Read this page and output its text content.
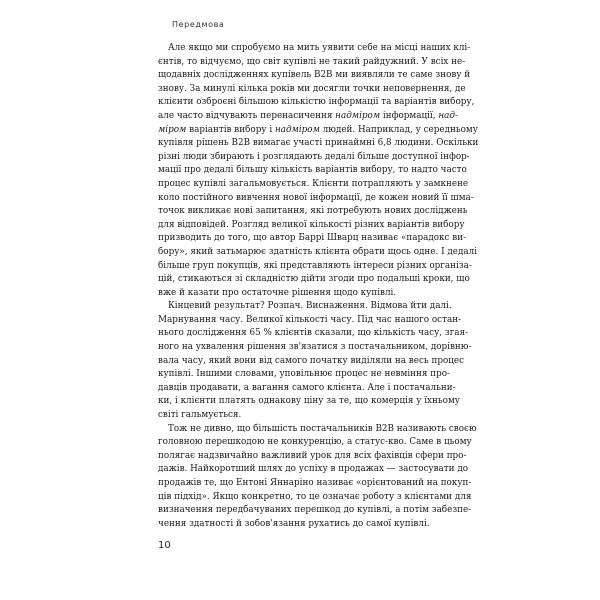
Передмова
Але якщо ми спробуємо на мить уявити себе на місці наших клі-
єнтів, то відчуємо, що світ купівлі не такий райдужний. У всіх не-
щодавніх дослідженнях купівель B2B ми виявляли те саме знову й
знову. За минулі кілька років ми досягли точки неповернення, де
клієнти озброєні більшою кількістю інформації та варіантів вибору,
але часто відчувають перенасичення надміром інформації, над-
міром варіантів вибору і надміром людей. Наприклад, у середньому
купівля рішень B2B вимагає участі принаймні 6,8 людини. Оскільки
різні люди збирають і розглядають дедалі більше доступної інфор-
мації про дедалі більшу кількість варіантів вибору, то надто часто
процес купівлі загальмовується. Клієнти потрапляють у замкнене
коло постійного вивчення нової інформації, де кожен новий її шма-
точок викликає нові запитання, які потребують нових досліджень
для відповідей. Розгляд великої кількості різних варіантів вибору
призводить до того, що автор Баррі Шварц називає «парадокс ви-
бору», який затьмарює здатність клієнта обрати щось одне. І дедалі
більше груп покупців, які представляють інтереси різних організа-
цій, стикаються зі складністю дійти згоди про подальші кроки, що
вже й казати про остаточне рішення щодо купівлі.
Кінцевий результат? Розпач. Виснаження. Відмова йти далі.
Марнування часу. Великої кількості часу. Під час нашого остан-
нього дослідження 65 % клієнтів сказали, що кількість часу, згая-
ного на ухвалення рішення зв'язатися з постачальником, дорівню-
вала часу, який вони від самого початку виділяли на весь процес
купівлі. Іншими словами, уповільнює процес не невміння про-
давців продавати, а вагання самого клієнта. Але і постачальни-
ки, і клієнти платять однакову ціну за те, що комерція у їхньому
світі гальмується.
Тож не дивно, що більшість постачальників B2B називають своєю
головною перешкодою не конкуренцію, а статус-кво. Саме в цьому
полягає надзвичайно важливий урок для всіх фахівців сфери про-
дажів. Найкоротший шлях до успіху в продажах — застосувати до
продажів те, що Ентоні Яннаріно називає «орієнтований на покуп-
ців підхід». Якщо конкретно, то це означає роботу з клієнтами для
визначення передбачуваних перешкод до купівлі, а потім забезпе-
чення здатності й зобов'язання рухатись до самої купівлі.
10
